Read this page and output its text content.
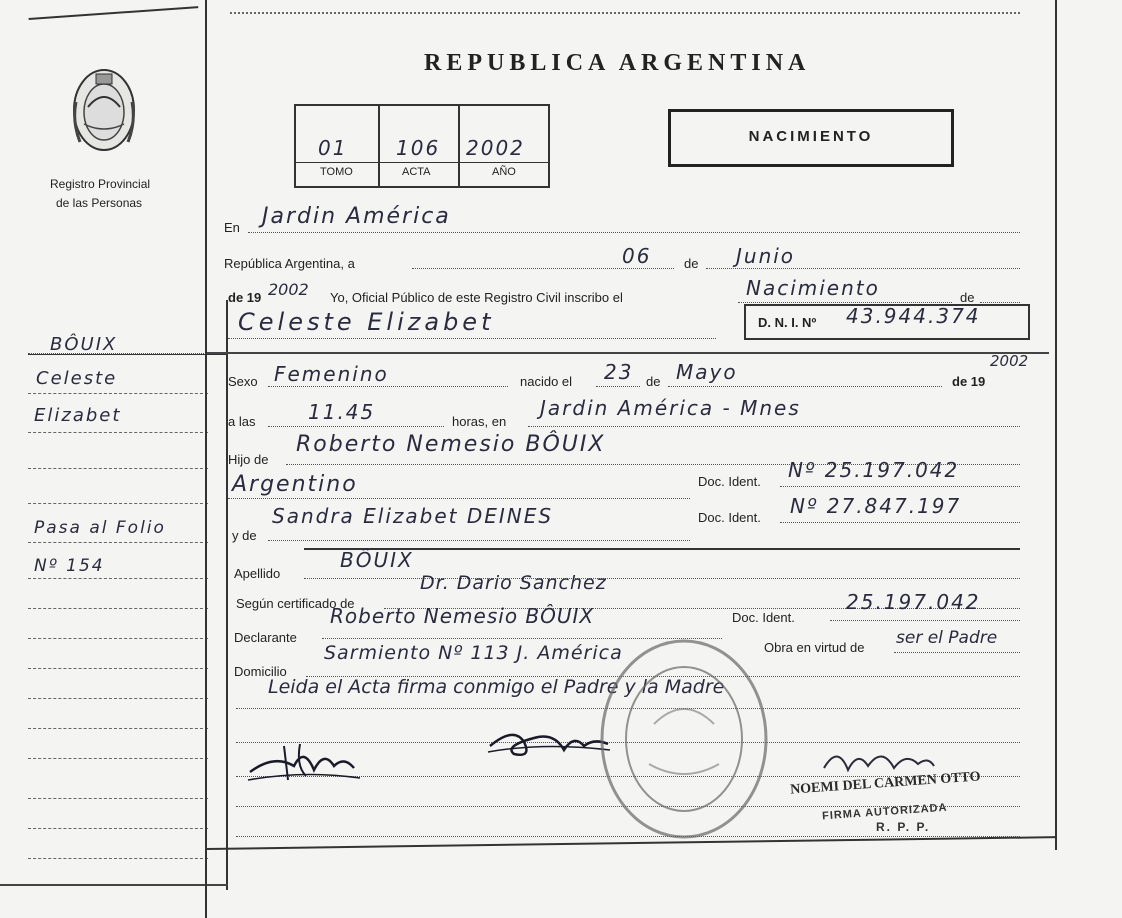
Registro Provincial
de las Personas
BÔUIX
Celeste
Elizabet
Pasa al Folio
Nº 154
REPUBLICA ARGENTINA
01 106 2002
TOMO	ACTA	AÑO
NACIMIENTO
En Jardin América
República Argentina, a	06	de Junio
de 19 2002 Yo, Oficial Público de este Registro Civil inscribo el	Nacimiento	de
Celeste Elizabet	D. N. I. Nº 43.944.374
Sexo Femenino	nacido el 23 de Mayo	de 19
2002
a las	11.45	horas, en
Jardin América - Mnes
Hijo de
Roberto Nemesio BÔUIX
Argentino	Doc. Ident. Nº 25.197.042
y de
Sandra Elizabet DEINES	Doc. Ident. Nº 27.847.197
Apellido
BÔUIX
Según certificado de
Dr. Dario Sanchez
Declarante
Roberto Nemesio BÔUIX	Doc. Ident.
25.197.042
Obra en virtud de ser el Padre
Domicilio
Sarmiento Nº 113 J. América
Leida el Acta firma conmigo el Padre y la Madre
NOEMI DEL CARMEN OTTO
FIRMA AUTORIZADA
R. P. P.
